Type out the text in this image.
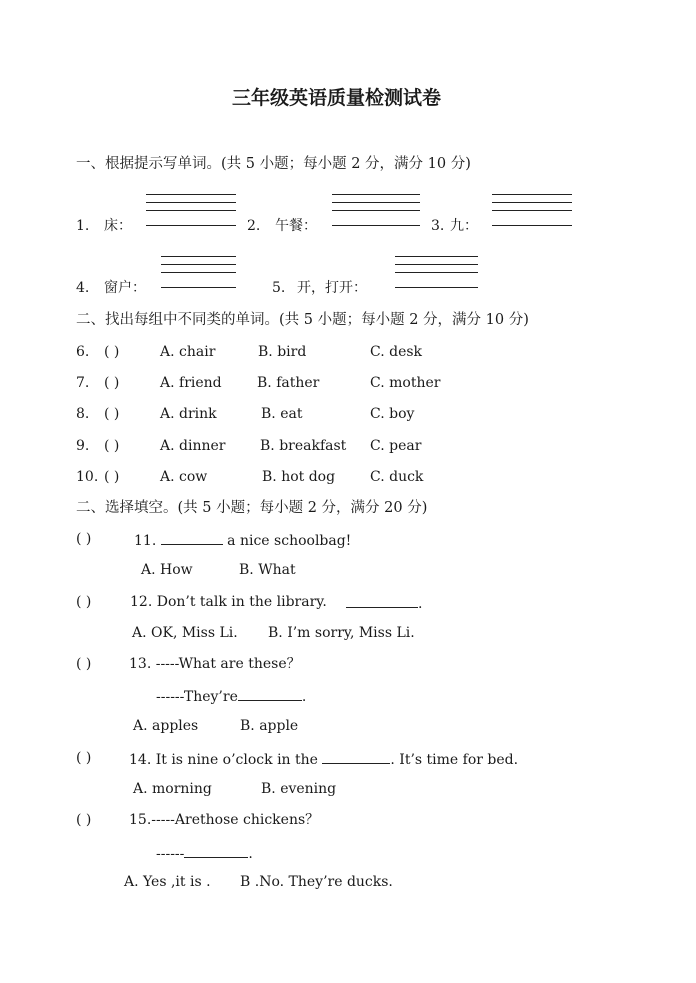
三年级英语质量检测试卷
一、根据提示写单词。(共 5 小题；每小题 2 分，满分 10 分)
1. 床：	2. 午餐：	3. 九：
4. 窗户：	5. 开，打开：
二、找出每组中不同类的单词。(共 5 小题；每小题 2 分，满分 10 分)
6. ( )	A. chair	B. bird	C. desk
7. ( )	A. friend	B. father	C. mother
8. ( )	A. drink	B. eat	C. boy
9. ( )	A. dinner B. breakfast C. pear
10. ( )	A. cow	B. hot dog C. duck
二、选择填空。(共 5 小题；每小题 2 分，满分 20 分)
( )	11.	a nice schoolbag!
A. How	B. What
( )	12. Don’t talk in the library.	.
A. OK, Miss Li. B. I’m sorry, Miss Li.
( )	13. -----What are these？
------They’re	.
A. apples	B. apple
( )	14. It is nine o’clock in the	. It’s time for bed.
A. morning	B. evening
( )	15.-----Arethose chickens？
------	.
A. Yes ,it is . B .No. They’re ducks.
